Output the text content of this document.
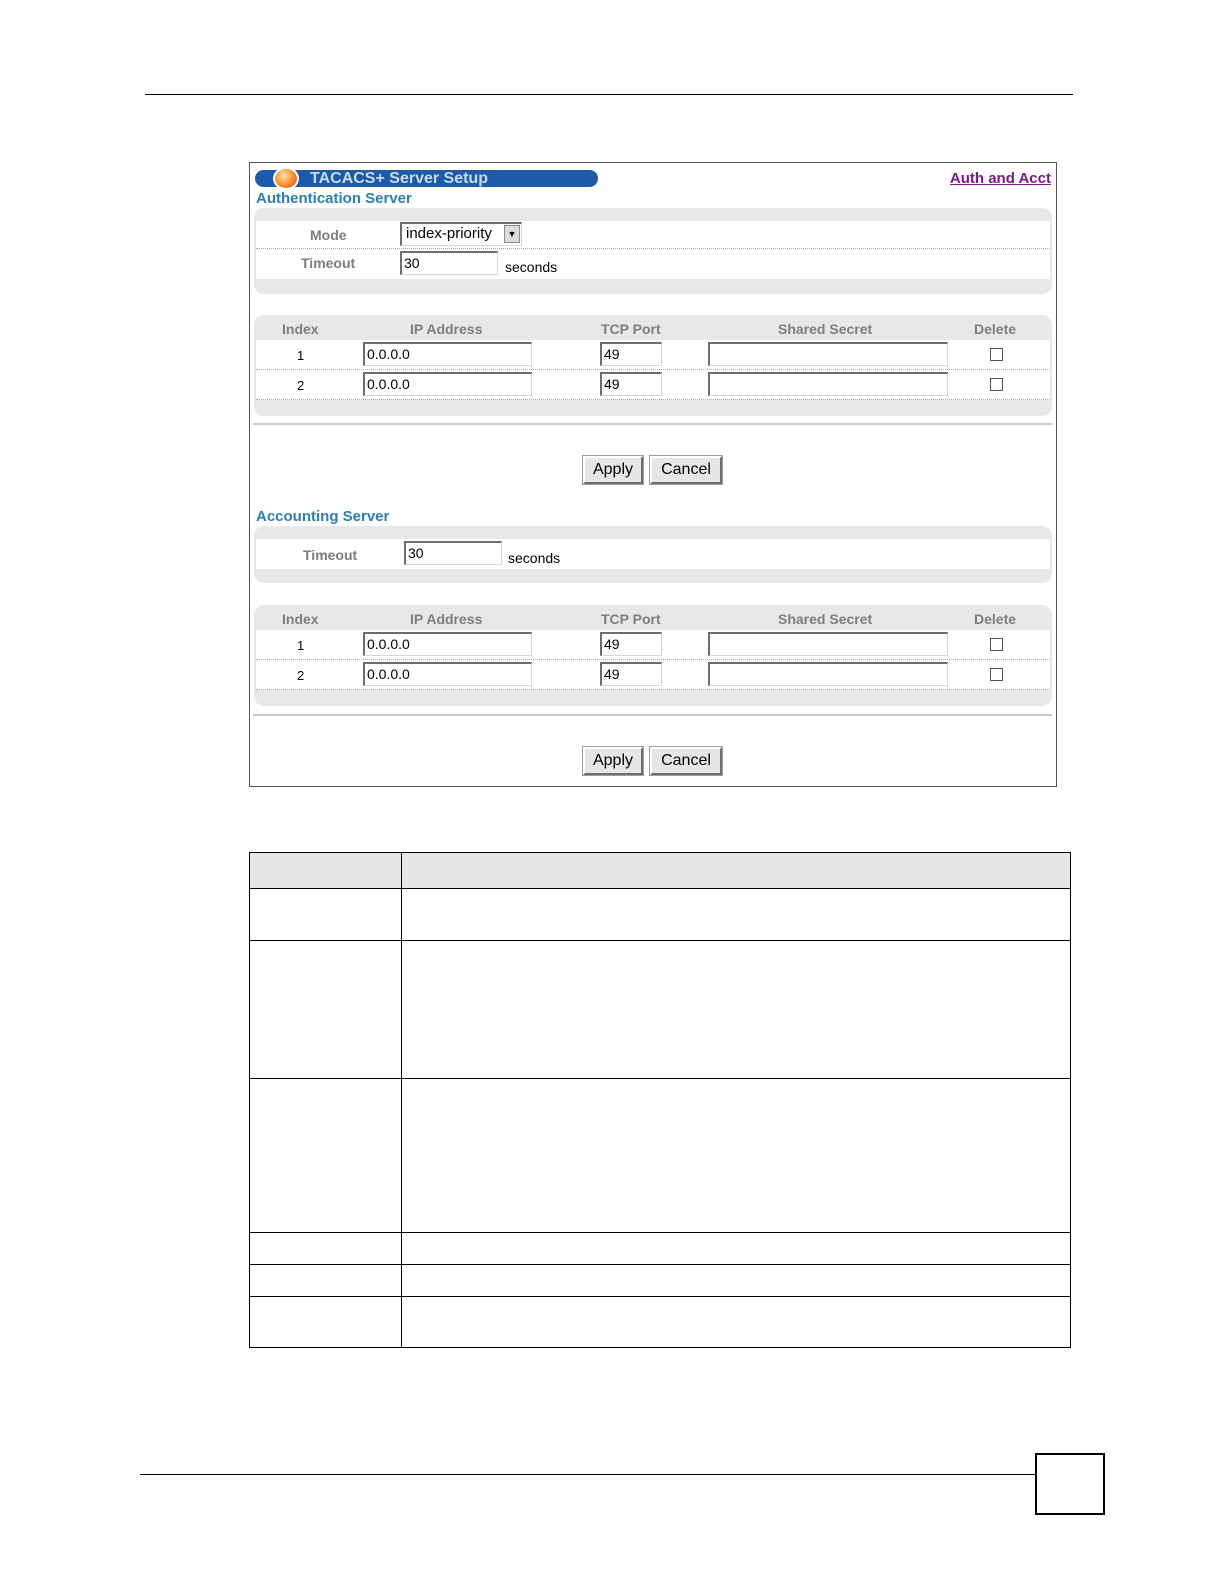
TACACS+ Server Setup	Auth and Acct
Authentication Server
Mode	index-priority	▼
Timeout	30	seconds
Index	IP Address	TCP Port	Shared Secret	Delete
1	0.0.0.0	49
2	0.0.0.0	49
Apply	Cancel
Accounting Server
Timeout	30	seconds
Index	IP Address	TCP Port	Shared Secret	Delete
1	0.0.0.0	49
2	0.0.0.0	49
Apply	Cancel
